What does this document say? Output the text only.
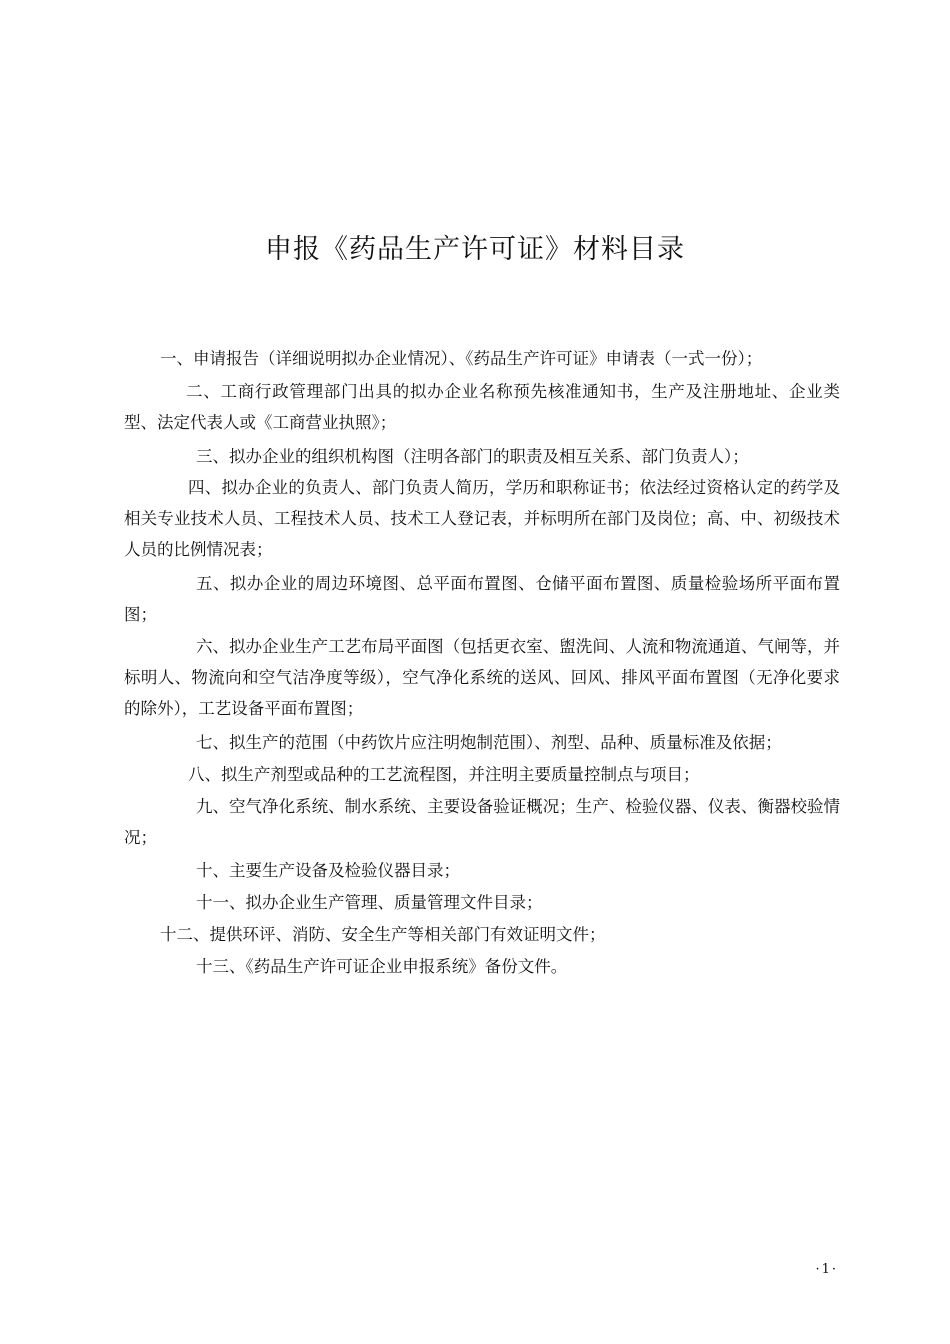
申报《药品生产许可证》材料目录
一、申请报告（详细说明拟办企业情况）、《药品生产许可证》申请表（一式一份）；
二、工商行政管理部门出具的拟办企业名称预先核准通知书，生产及注册地址、企业类型、法定代表人或《工商营业执照》；
三、拟办企业的组织机构图（注明各部门的职责及相互关系、部门负责人）；
四、拟办企业的负责人、部门负责人简历，学历和职称证书；依法经过资格认定的药学及相关专业技术人员、工程技术人员、技术工人登记表，并标明所在部门及岗位；高、中、初级技术人员的比例情况表；
五、拟办企业的周边环境图、总平面布置图、仓储平面布置图、质量检验场所平面布置图；
六、拟办企业生产工艺布局平面图（包括更衣室、盥洗间、人流和物流通道、气闸等，并标明人、物流向和空气洁净度等级），空气净化系统的送风、回风、排风平面布置图（无净化要求的除外），工艺设备平面布置图；
七、拟生产的范围（中药饮片应注明炮制范围）、剂型、品种、质量标准及依据；
八、拟生产剂型或品种的工艺流程图，并注明主要质量控制点与项目；
九、空气净化系统、制水系统、主要设备验证概况；生产、检验仪器、仪表、衡器校验情况；
十、主要生产设备及检验仪器目录；
十一、拟办企业生产管理、质量管理文件目录；
十二、提供环评、消防、安全生产等相关部门有效证明文件；
十三、《药品生产许可证企业申报系统》备份文件。
·1·
